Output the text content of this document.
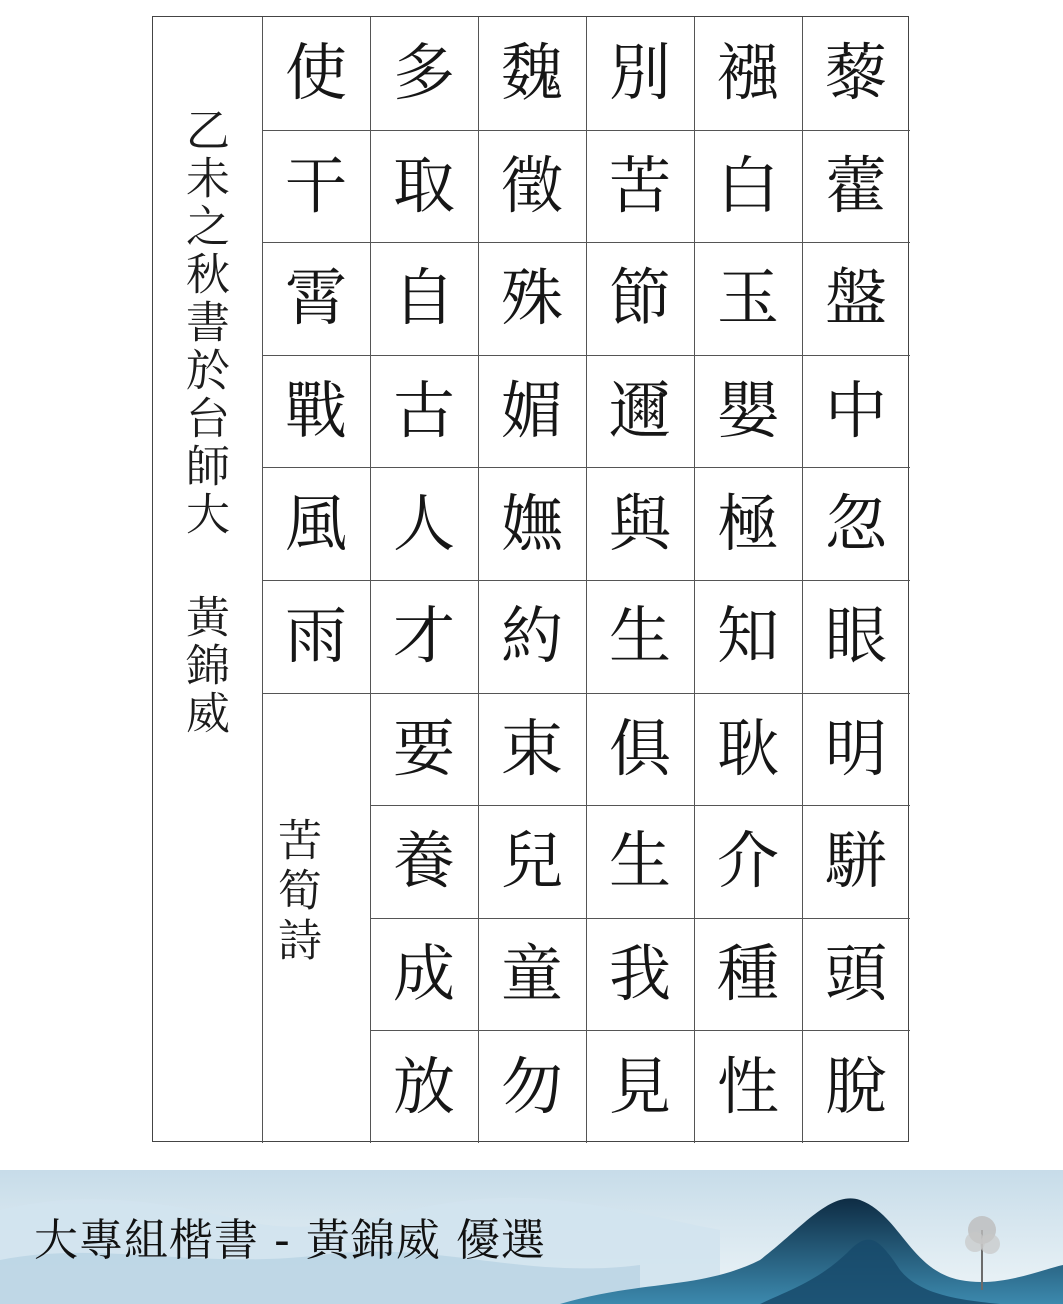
藜
藿
盤
中
忽
眼
明
駢
頭
脫
襁
白
玉
嬰
極
知
耿
介
種
性
別
苦
節
邇
與
生
俱
生
我
見
魏
徵
殊
媚
嫵
約
束
兒
童
勿
多
取
自
古
人
才
要
養
成
放
使
干
霄
戰
風
雨
苦筍詩
乙未之秋書於台師大 黃錦威
大專組楷書 - 黃錦威 優選
